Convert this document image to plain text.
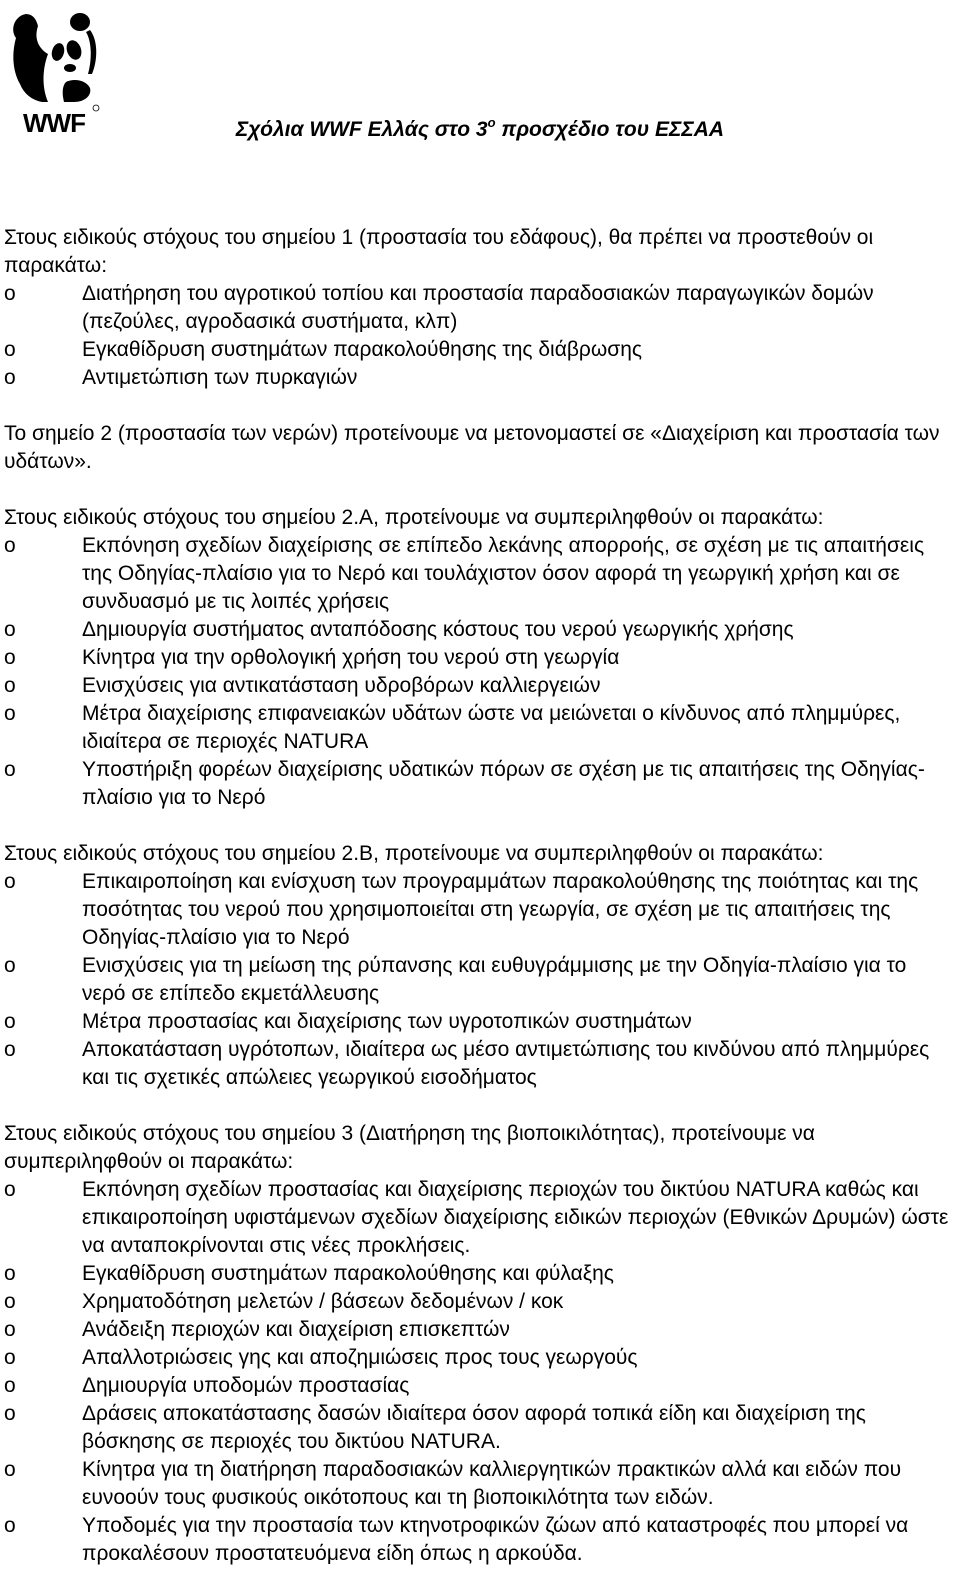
WWF	Σχόλια WWF Ελλάς στο $3^o$ προσχέδιο του ΕΣΣΑΑ

Στους ειδικούς στόχους του σημείου 1 (προστασία του εδάφους), θα πρέπει να προστεθούν οι παρακάτω:

o	Διατήρηση του αγροτικού τοπίου και προστασία παραδοσιακών παραγωγικών δομών (πεζούλες, αγροδασικά συστήματα, κλπ)
o	Εγκαθίδρυση συστημάτων παρακολούθησης της διάβρωσης
o	Αντιμετώπιση των πυρκαγιών

Το σημείο 2 (προστασία των νερών) προτείνουμε να μετονομαστεί σε «Διαχείριση και προστασία των υδάτων».

Στους ειδικούς στόχους του σημείου 2.Α, προτείνουμε να συμπεριληφθούν οι παρακάτω:

o	Εκπόνηση σχεδίων διαχείρισης σε επίπεδο λεκάνης απορροής, σε σχέση με τις απαιτήσεις της Οδηγίας-πλαίσιο για το Νερό και τουλάχιστον όσον αφορά τη γεωργική χρήση και σε συνδυασμό με τις λοιπές χρήσεις
o	Δημιουργία συστήματος ανταπόδοσης κόστους του νερού γεωργικής χρήσης
o	Κίνητρα για την ορθολογική χρήση του νερού στη γεωργία
o	Ενισχύσεις για αντικατάσταση υδροβόρων καλλιεργειών
o	Μέτρα διαχείρισης επιφανειακών υδάτων ώστε να μειώνεται ο κίνδυνος από πλημμύρες, ιδιαίτερα σε περιοχές NATURA
o	Υποστήριξη φορέων διαχείρισης υδατικών πόρων σε σχέση με τις απαιτήσεις της Οδηγίας-πλαίσιο για το Νερό

Στους ειδικούς στόχους του σημείου 2.Β, προτείνουμε να συμπεριληφθούν οι παρακάτω:

o	Επικαιροποίηση και ενίσχυση των προγραμμάτων παρακολούθησης της ποιότητας και της ποσότητας του νερού που χρησιμοποιείται στη γεωργία, σε σχέση με τις απαιτήσεις της Οδηγίας-πλαίσιο για το Νερό
o	Ενισχύσεις για τη μείωση της ρύπανσης και ευθυγράμμισης με την Οδηγία-πλαίσιο για το νερό σε επίπεδο εκμετάλλευσης
o	Μέτρα προστασίας και διαχείρισης των υγροτοπικών συστημάτων
o	Αποκατάσταση υγρότοπων, ιδιαίτερα ως μέσο αντιμετώπισης του κινδύνου από πλημμύρες και τις σχετικές απώλειες γεωργικού εισοδήματος

Στους ειδικούς στόχους του σημείου 3 (Διατήρηση της βιοποικιλότητας), προτείνουμε να συμπεριληφθούν οι παρακάτω:

o	Εκπόνηση σχεδίων προστασίας και διαχείρισης περιοχών του δικτύου NATURA καθώς και επικαιροποίηση υφιστάμενων σχεδίων διαχείρισης ειδικών περιοχών (Εθνικών Δρυμών) ώστε να ανταποκρίνονται στις νέες προκλήσεις.
o	Εγκαθίδρυση συστημάτων παρακολούθησης και φύλαξης
o	Χρηματοδότηση μελετών / βάσεων δεδομένων / κοκ
o	Ανάδειξη περιοχών και διαχείριση επισκεπτών
o	Απαλλοτριώσεις γης και αποζημιώσεις προς τους γεωργούς
o	Δημιουργία υποδομών προστασίας
o	Δράσεις αποκατάστασης δασών ιδιαίτερα όσον αφορά τοπικά είδη και διαχείριση της βόσκησης σε περιοχές του δικτύου NATURA.
o	Κίνητρα για τη διατήρηση παραδοσιακών καλλιεργητικών πρακτικών αλλά και ειδών που ευνοούν τους φυσικούς οικότοπους και τη βιοποικιλότητα των ειδών.
o	Υποδομές για την προστασία των κτηνοτροφικών ζώων από καταστροφές που μπορεί να προκαλέσουν προστατευόμενα είδη όπως η αρκούδα.
